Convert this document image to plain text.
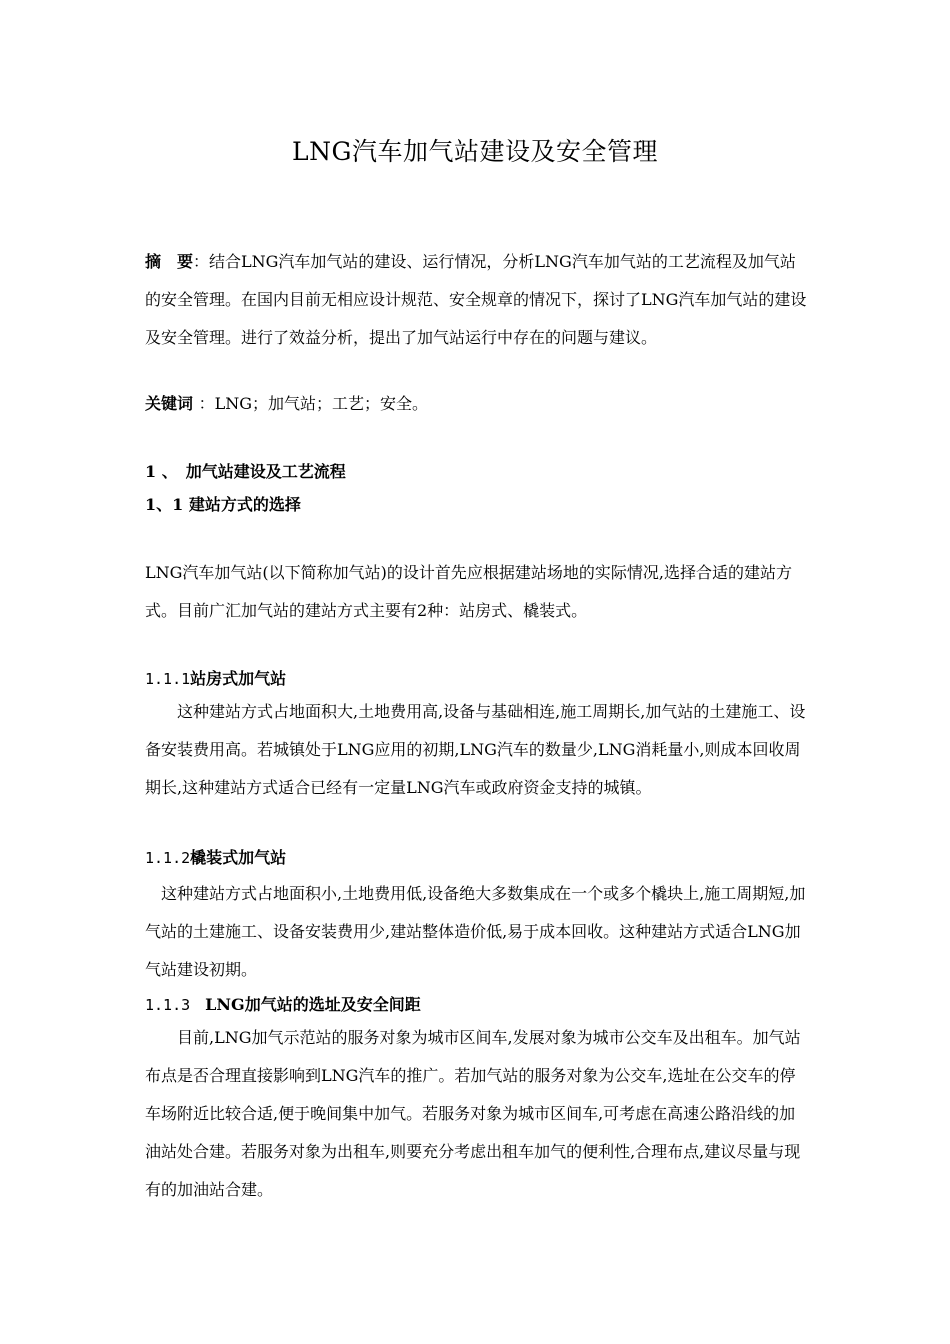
LNG汽车加气站建设及安全管理

摘　要：结合LNG汽车加气站的建设、运行情况，分析LNG汽车加气站的工艺流程及加气站的安全管理。在国内目前无相应设计规范、安全规章的情况下，探讨了LNG汽车加气站的建设及安全管理。进行了效益分析，提出了加气站运行中存在的问题与建议。

关键词 ：LNG；加气站；工艺；安全。

1 、　加气站建设及工艺流程

1、1 建站方式的选择

LNG汽车加气站(以下简称加气站)的设计首先应根据建站场地的实际情况,选择合适的建站方式。目前广汇加气站的建站方式主要有2种：站房式、橇装式。

1.1.1站房式加气站

这种建站方式占地面积大,土地费用高,设备与基础相连,施工周期长,加气站的土建施工、设备安装费用高。若城镇处于LNG应用的初期,LNG汽车的数量少,LNG消耗量小,则成本回收周期长,这种建站方式适合已经有一定量LNG汽车或政府资金支持的城镇。

1.1.2橇装式加气站

这种建站方式占地面积小,土地费用低,设备绝大多数集成在一个或多个橇块上,施工周期短,加气站的土建施工、设备安装费用少,建站整体造价低,易于成本回收。这种建站方式适合LNG加气站建设初期。

1.1.3　LNG加气站的选址及安全间距

目前,LNG加气示范站的服务对象为城市区间车,发展对象为城市公交车及出租车。加气站布点是否合理直接影响到LNG汽车的推广。若加气站的服务对象为公交车,选址在公交车的停车场附近比较合适,便于晚间集中加气。若服务对象为城市区间车,可考虑在高速公路沿线的加油站处合建。若服务对象为出租车,则要充分考虑出租车加气的便利性,合理布点,建议尽量与现有的加油站合建。
